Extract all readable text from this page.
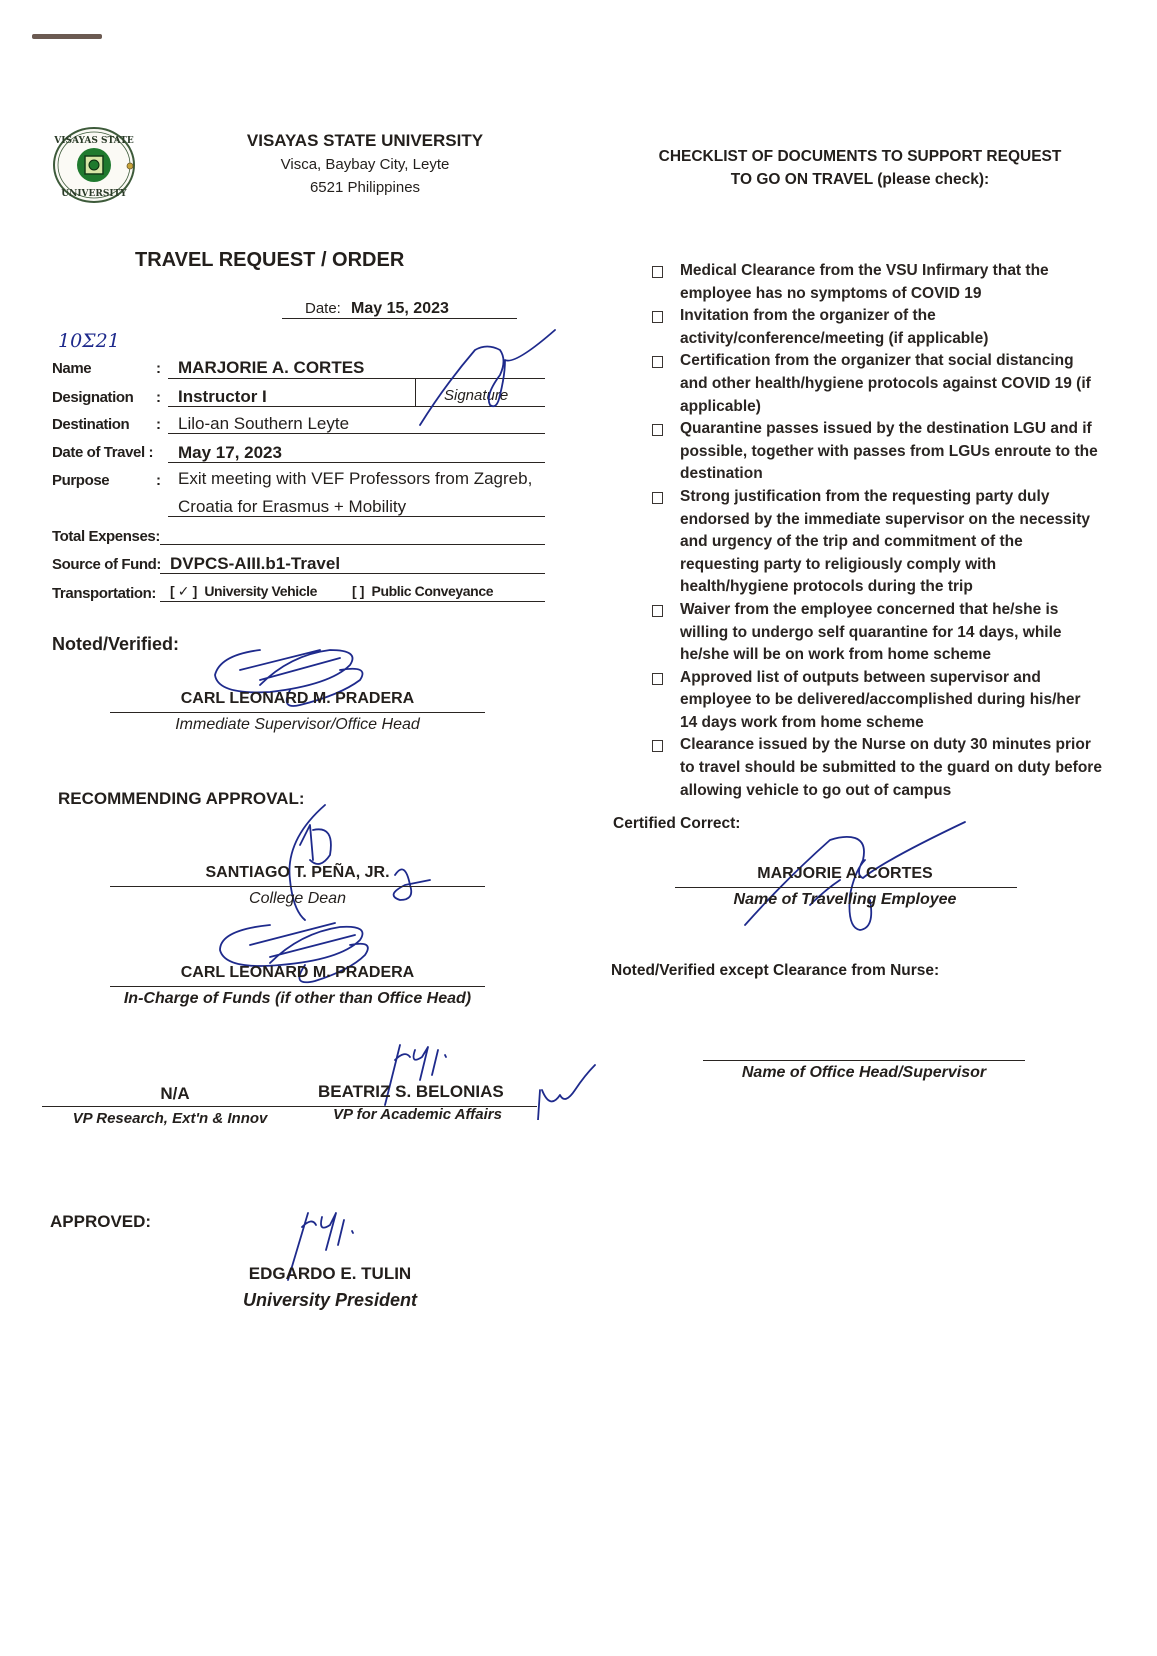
VISAYAS STATE
UNIVERSITY
VISAYAS STATE UNIVERSITY
Visca, Baybay City, Leyte
6521 Philippines
TRAVEL REQUEST / ORDER
Date: May 15, 2023
10Σ21
Name	: MARJORIE A. CORTES
Designation : Instructor I	Signature
Destination : Lilo-an Southern Leyte
Date of Travel : May 17, 2023
Purpose	: Exit meeting with VEF Professors from Zagreb,
Croatia for Erasmus + Mobility
Total Expenses:
Source of Fund: DVPCS-AIII.b1-Travel
Transportation: [ ✓ ] University Vehicle	[ ] Public Conveyance
Noted/Verified:
CARL LEONARD M. PRADERA
Immediate Supervisor/Office Head
RECOMMENDING APPROVAL:
SANTIAGO T. PEÑA, JR.
College Dean
CARL LEONARD M. PRADERA
In-Charge of Funds (if other than Office Head)
N/A	BEATRIZ S. BELONIAS
VP Research, Ext'n & Innov	VP for Academic Affairs
APPROVED:
EDGARDO E. TULIN
University President
CHECKLIST OF DOCUMENTS TO SUPPORT REQUEST
TO GO ON TRAVEL (please check):
Medical Clearance from the VSU Infirmary that the employee has no symptoms of COVID 19
Invitation from the organizer of the activity/conference/meeting (if applicable)
Certification from the organizer that social distancing and other health/hygiene protocols against COVID 19 (if applicable)
Quarantine passes issued by the destination LGU and if possible, together with passes from LGUs enroute to the destination
Strong justification from the requesting party duly endorsed by the immediate supervisor on the necessity and urgency of the trip and commitment of the requesting party to religiously comply with health/hygiene protocols during the trip
Waiver from the employee concerned that he/she is willing to undergo self quarantine for 14 days, while he/she will be on work from home scheme
Approved list of outputs between supervisor and employee to be delivered/accomplished during his/her 14 days work from home scheme
Clearance issued by the Nurse on duty 30 minutes prior to travel should be submitted to the guard on duty before allowing vehicle to go out of campus
Certified Correct:
MARJORIE A. CORTES
Name of Travelling Employee
Noted/Verified except Clearance from Nurse:
Name of Office Head/Supervisor
